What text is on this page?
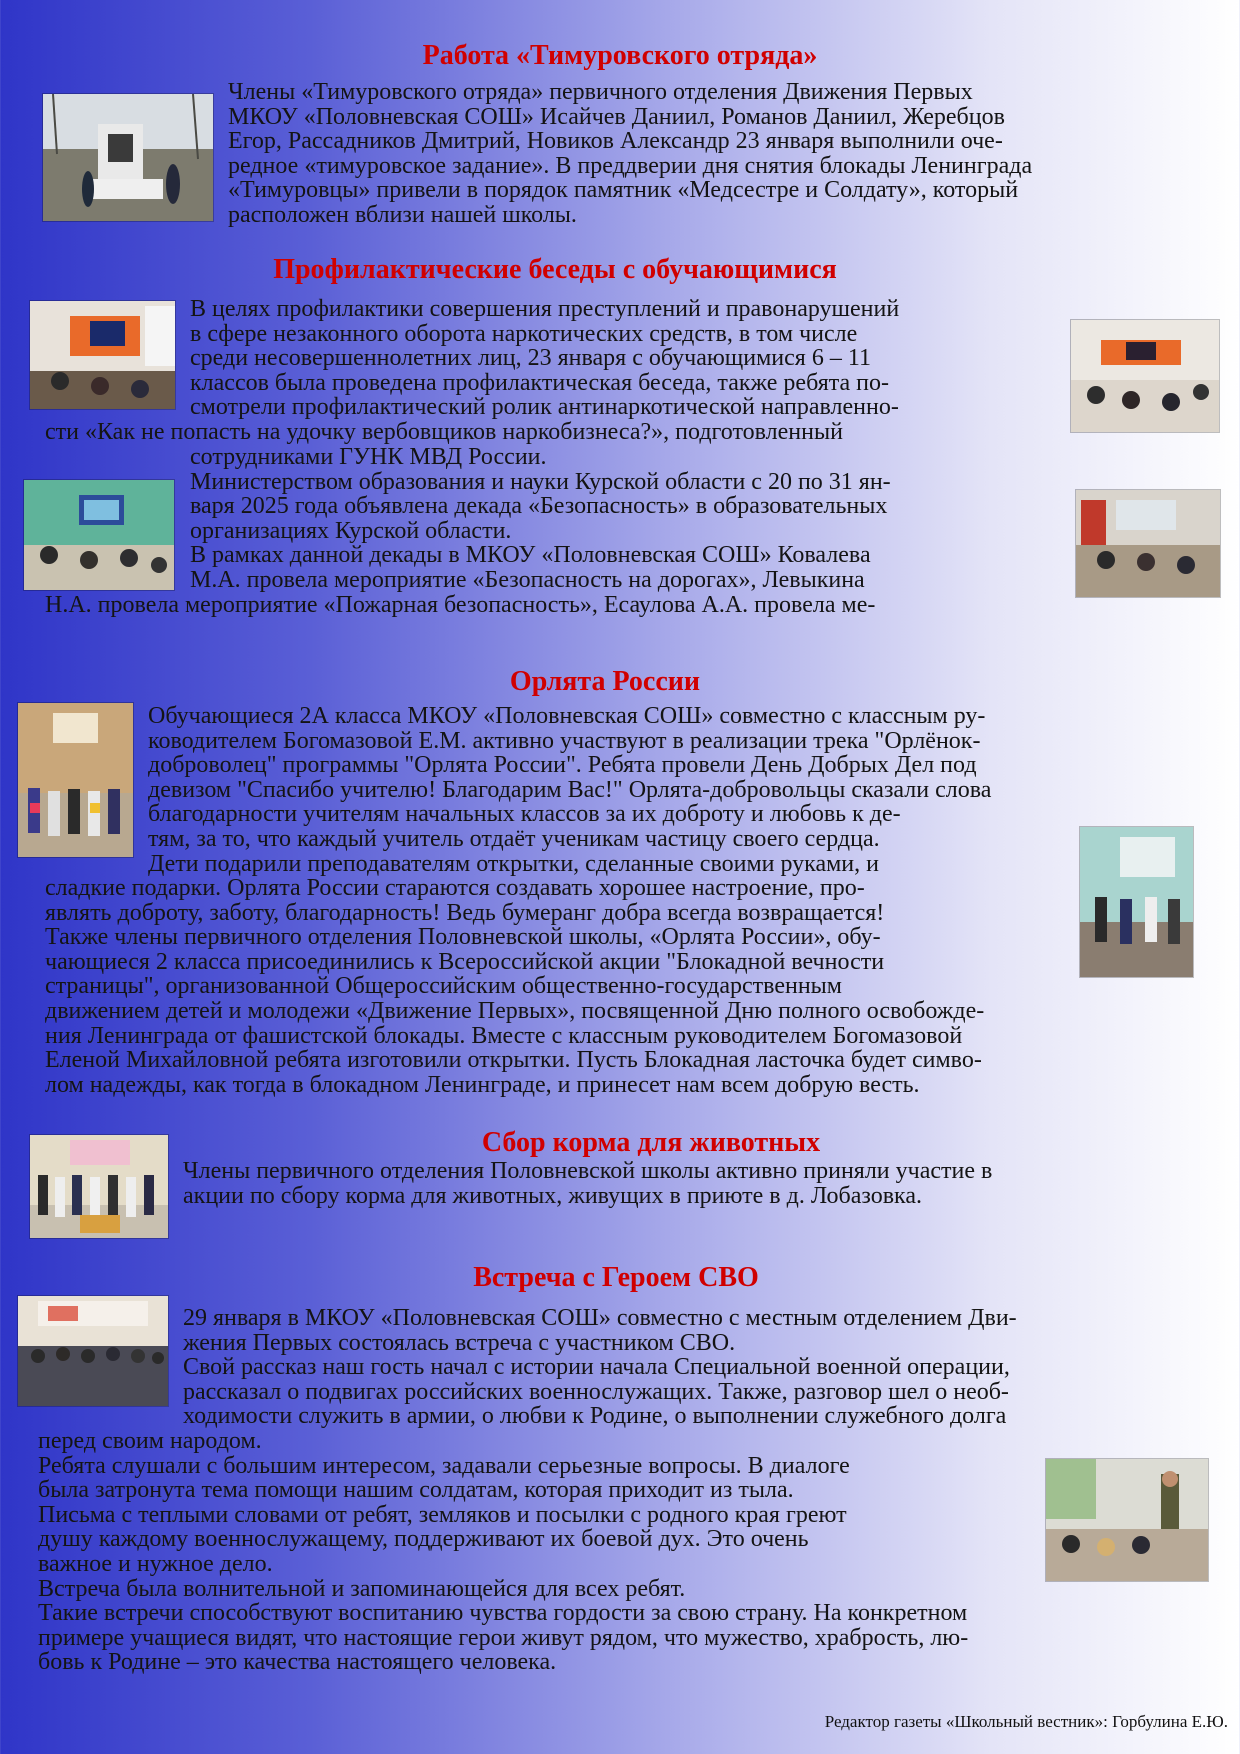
Работа «Тимуровского отряда»
Члены «Тимуровского отряда» первичного отделения Движения Первых
МКОУ «Половневская СОШ» Исайчев Даниил, Романов Даниил, Жеребцов
Егор, Рассадников Дмитрий, Новиков Александр 23 января выполнили оче-
редное «тимуровское задание». В преддверии дня снятия блокады Ленинграда
«Тимуровцы» привели в порядок памятник «Медсестре и Солдату», который
расположен вблизи нашей школы.
Профилактические беседы с обучающимися
В целях профилактики совершения преступлений и правонарушений
в сфере незаконного оборота наркотических средств, в том числе
среди несовершеннолетних лиц, 23 января с обучающимися 6 – 11
классов была проведена профилактическая беседа, также ребята по-
смотрели профилактический ролик антинаркотической направленно-
сти «Как не попасть на удочку вербовщиков наркобизнеса?», подготовленный
сотрудниками ГУНК МВД России.
Министерством образования и науки Курской области с 20 по 31 ян-
варя 2025 года объявлена декада «Безопасность» в образовательных
организациях Курской области.
В рамках данной декады в МКОУ «Половневская СОШ» Ковалева
М.А. провела мероприятие «Безопасность на дорогах», Левыкина
Н.А. провела мероприятие «Пожарная безопасность», Есаулова А.А. провела ме-
Орлята России
Обучающиеся 2А класса МКОУ «Половневская СОШ» совместно с классным ру-
ководителем Богомазовой Е.М. активно участвуют в реализации трека "Орлёнок-
доброволец" программы "Орлята России". Ребята провели День Добрых Дел под
девизом "Спасибо учителю! Благодарим Вас!" Орлята-добровольцы сказали слова
благодарности учителям начальных классов за их доброту и любовь к де-
тям, за то, что каждый учитель отдаёт ученикам частицу своего сердца.
Дети подарили преподавателям открытки, сделанные своими руками, и
сладкие подарки. Орлята России стараются создавать хорошее настроение, про-
являть доброту, заботу, благодарность! Ведь бумеранг добра всегда возвращается!
Также члены первичного отделения Половневской школы, «Орлята России», обу-
чающиеся 2 класса присоединились к Всероссийской акции "Блокадной вечности
страницы", организованной Общероссийским общественно-государственным
движением детей и молодежи «Движение Первых», посвященной Дню полного освобожде-
ния Ленинграда от фашистской блокады. Вместе с классным руководителем Богомазовой
Еленой Михайловной ребята изготовили открытки. Пусть Блокадная ласточка будет симво-
лом надежды, как тогда в блокадном Ленинграде, и принесет нам всем добрую весть.
Сбор корма для животных
Члены первичного отделения Половневской школы активно приняли участие в
акции по сбору корма для животных, живущих в приюте в д. Лобазовка.
Встреча с Героем СВО
29 января в МКОУ «Половневская СОШ» совместно с местным отделением Дви-
жения Первых состоялась встреча с участником СВО.
Свой рассказ наш гость начал с истории начала Специальной военной операции,
рассказал о подвигах российских военнослужащих. Также, разговор шел о необ-
ходимости служить в армии, о любви к Родине, о выполнении служебного долга
перед своим народом.
Ребята слушали с большим интересом, задавали серьезные вопросы. В диалоге
была затронута тема помощи нашим солдатам, которая приходит из тыла.
Письма с теплыми словами от ребят, земляков и посылки с родного края греют
душу каждому военнослужащему, поддерживают их боевой дух. Это очень
важное и нужное дело.
Встреча была волнительной и запоминающейся для всех ребят.
Такие встречи способствуют воспитанию чувства гордости за свою страну. На конкретном
примере учащиеся видят, что настоящие герои живут рядом, что мужество, храбрость, лю-
бовь к Родине – это качества настоящего человека.

Редактор газеты «Школьный вестник»: Горбулина Е.Ю.
